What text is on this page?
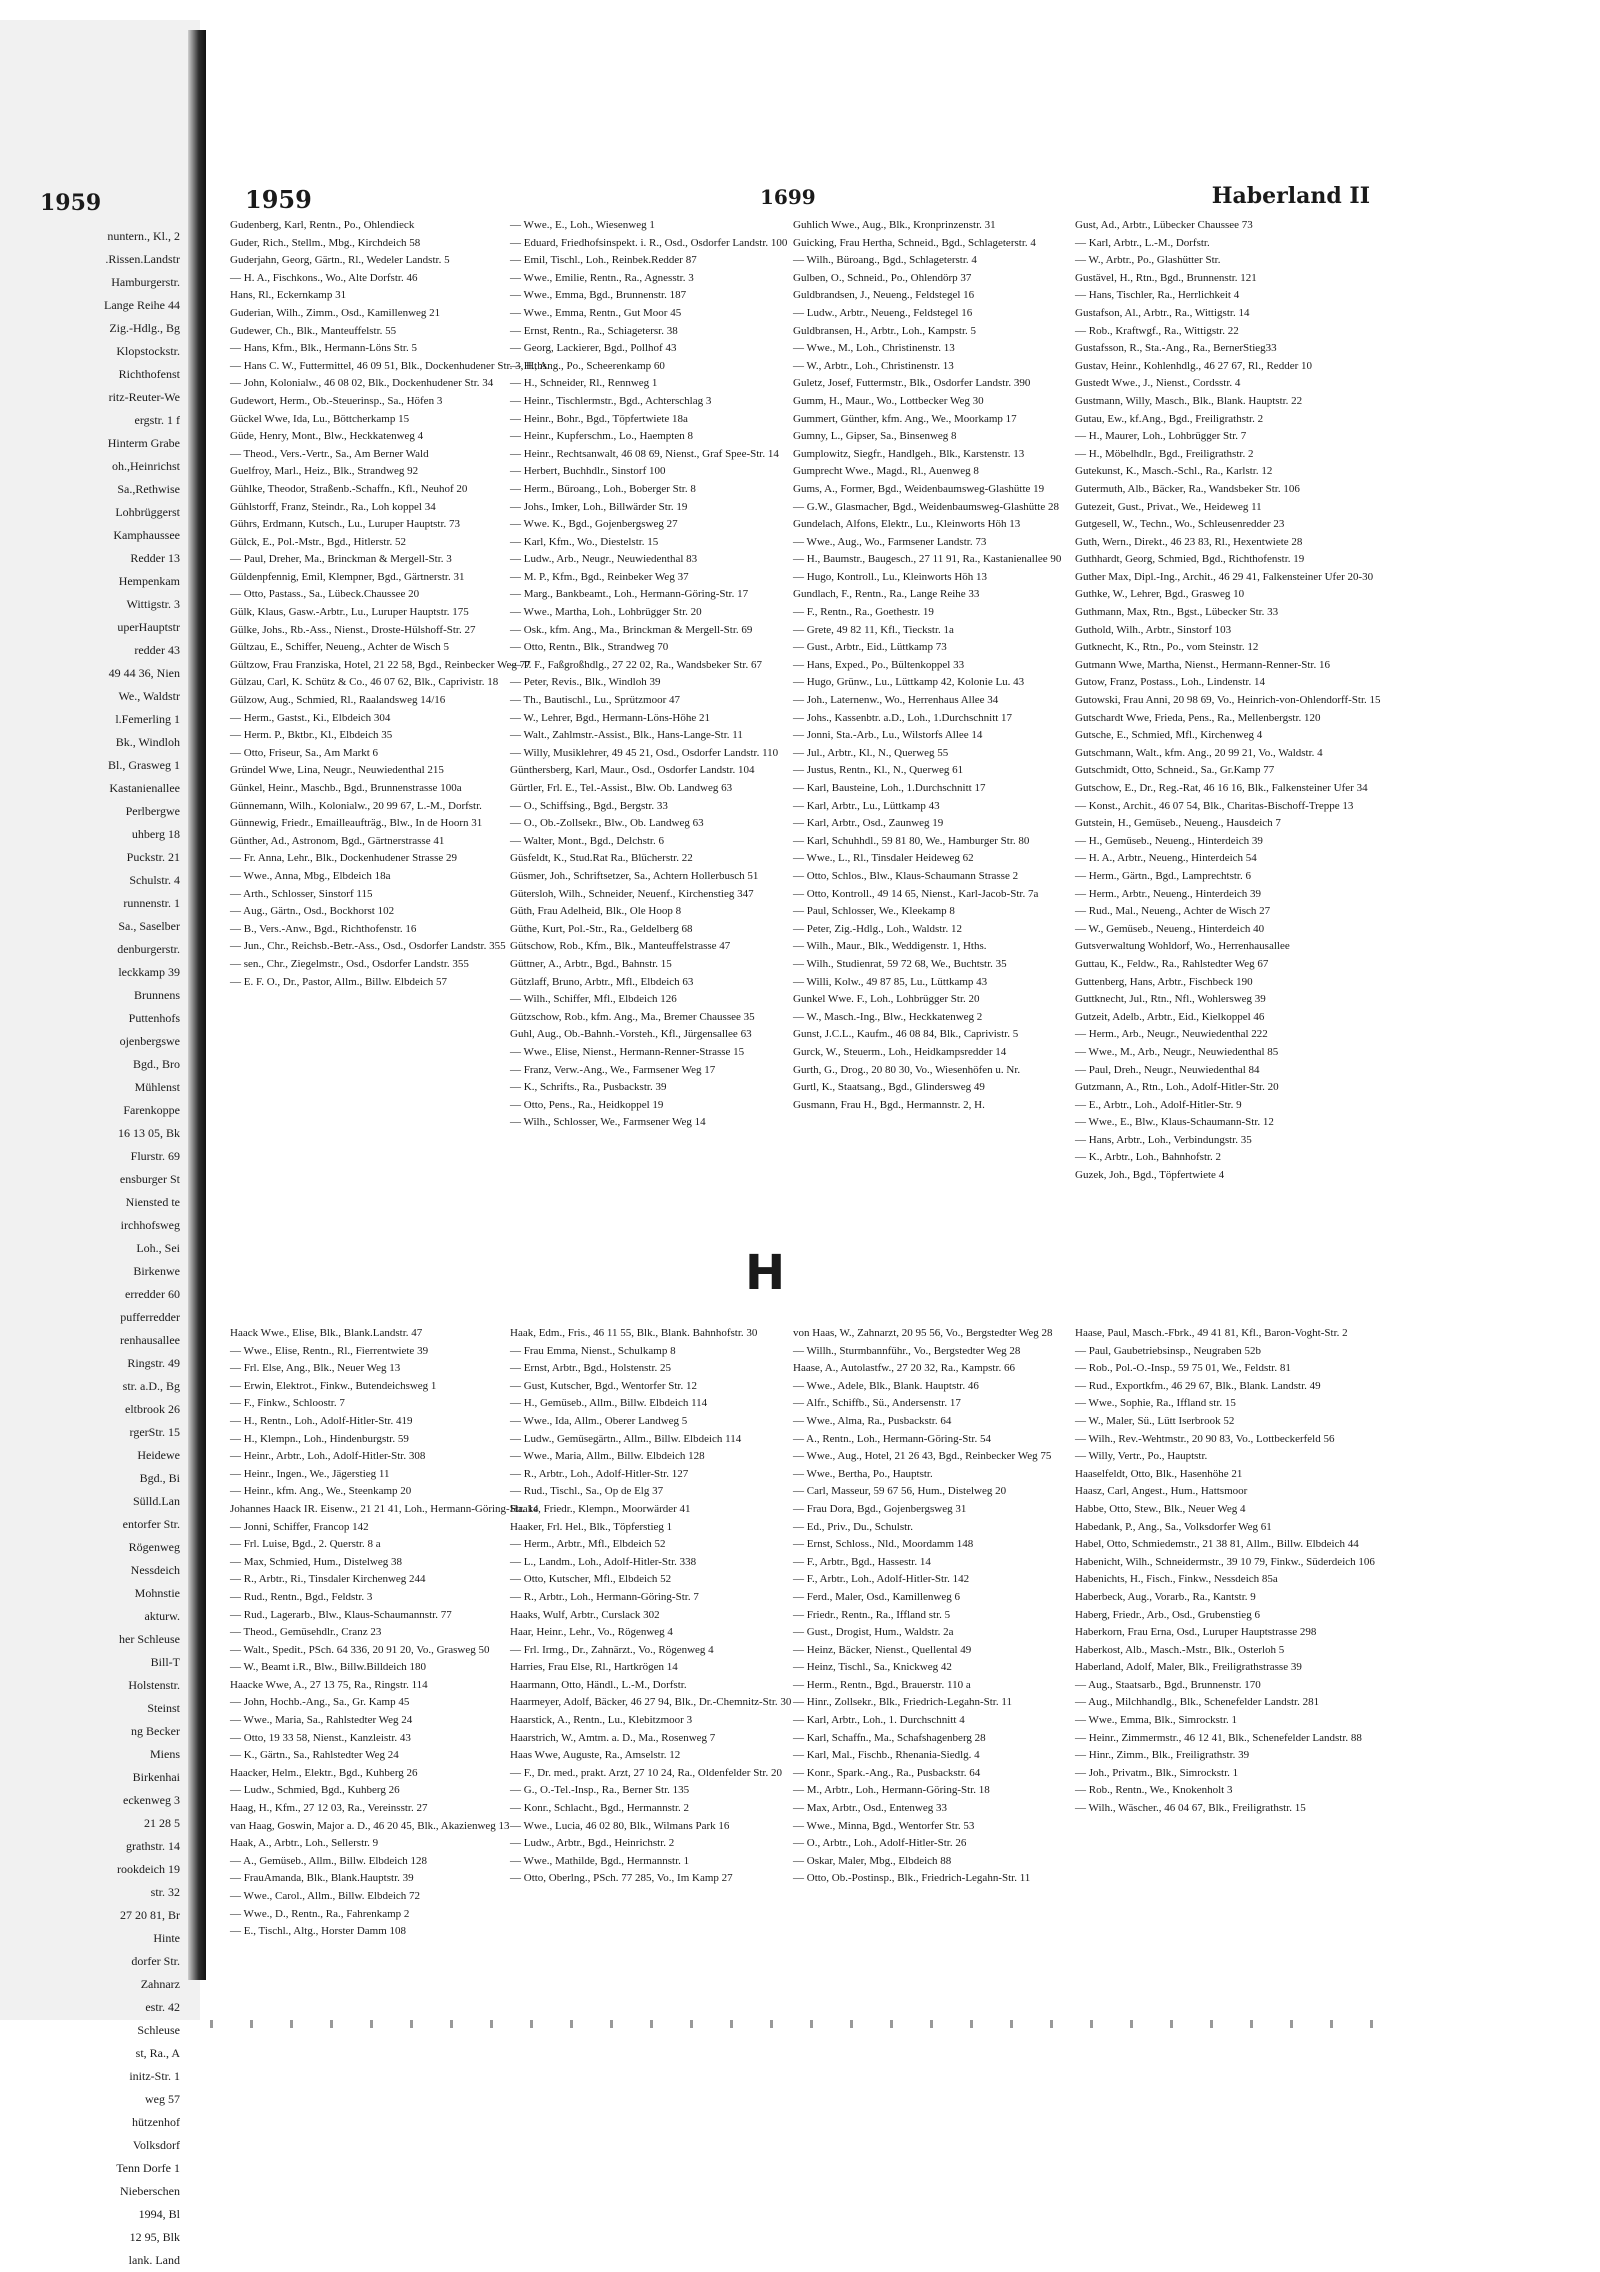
1959
nuntern., Kl., 2
.Rissen.Landstr
Hamburgerstr.
Lange Reihe 44
Zig.-Hdlg., Bg
Klopstockstr.
Richthofenst
ritz-Reuter-We
ergstr. 1 f
Hinterm Grabe
oh.,Heinrichst
Sa.,Rethwise
Lohbrüggerst
Kamphaussee
Redder 13
Hempenkam
Wittigstr. 3
uperHauptstr
redder 43
49 44 36, Nien
We., Waldstr
l.Femerling 1
Bk., Windloh
Bl., Grasweg 1
Kastanienallee
Perlbergwe
uhberg 18
Puckstr. 21
Schulstr. 4
runnenstr. 1
Sa., Saselber
denburgerstr.
leckkamp 39
Brunnens
Puttenhofs
ojenbergswe
Bgd., Bro
Mühlenst
Farenkoppe
16 13 05, Bk
Flurstr. 69
ensburger St
Niensted te
irchhofsweg
Loh., Sei
Birkenwe
erredder 60
pufferredder
renhausallee
Ringstr. 49
str. a.D., Bg
eltbrook 26
rgerStr. 15
Heidewe
Bgd., Bi
Sülld.Lan
entorfer Str.
Rögenweg
Nessdeich
Mohnstie
akturw.
her Schleuse
Bill-T
Holstenstr.
Steinst
ng Becker
Miens
Birkenhai
eckenweg 3
21 28 5
grathstr. 14
rookdeich 19
str. 32
27 20 81, Br
Hinte
dorfer Str.
Zahnarz
estr. 42
Schleuse
st, Ra., A
initz-Str. 1
weg 57
hützenhof
Volksdorf
Tenn Dorfe 1
Nieberschen
1994, Bl
12 95, Blk
lank. Land
1959	1699	Haberland II

Gudenberg, Karl, Rentn., Po., Ohlendieck

Guder, Rich., Stellm., Mbg., Kirchdeich 58

Guderjahn, Georg, Gärtn., Rl., Wedeler Landstr. 5

— H. A., Fischkons., Wo., Alte Dorfstr. 46

Hans, Rl., Eckernkamp 31

Guderian, Wilh., Zimm., Osd., Kamillenweg 21

Gudewer, Ch., Blk., Manteuffelstr. 55

— Hans, Kfm., Blk., Hermann-Löns Str. 5

— Hans C. W., Futtermittel, 46 09 51, Blk., Dockenhudener Str. 3, Hths.

— John, Kolonialw., 46 08 02, Blk., Dockenhudener Str. 34

Gudewort, Herm., Ob.-Steuerinsp., Sa., Höfen 3

Gückel Wwe, Ida, Lu., Böttcherkamp 15

Güde, Henry, Mont., Blw., Heckkatenweg 4

— Theod., Vers.-Vertr., Sa., Am Berner Wald

Guelfroy, Marl., Heiz., Blk., Strandweg 92

Gühlke, Theodor, Straßenb.-Schaffn., Kfl., Neuhof 20

Gühlstorff, Franz, Steindr., Ra., Loh koppel 34

Gührs, Erdmann, Kutsch., Lu., Luruper Hauptstr. 73

Gülck, E., Pol.-Mstr., Bgd., Hitlerstr. 52

— Paul, Dreher, Ma., Brinckman & Mergell-Str. 3

Güldenpfennig, Emil, Klempner, Bgd., Gärtnerstr. 31

— Otto, Pastass., Sa., Lübeck.Chaussee 20

Gülk, Klaus, Gasw.-Arbtr., Lu., Luruper Hauptstr. 175

Gülke, Johs., Rb.-Ass., Nienst., Droste-Hülshoff-Str. 27

Gültzau, E., Schiffer, Neueng., Achter de Wisch 5

Gültzow, Frau Franziska, Hotel, 21 22 58, Bgd., Reinbecker Weg 77

Gülzau, Carl, K. Schütz & Co., 46 07 62, Blk., Caprivistr. 18

Gülzow, Aug., Schmied, Rl., Raalandsweg 14/16

— Herm., Gastst., Ki., Elbdeich 304

— Herm. P., Bktbr., Kl., Elbdeich 35

— Otto, Friseur, Sa., Am Markt 6

Gründel Wwe, Lina, Neugr., Neuwiedenthal 215

Günkel, Heinr., Maschb., Bgd., Brunnenstrasse 100a

Günnemann, Wilh., Kolonialw., 20 99 67, L.-M., Dorfstr.

Günnewig, Friedr., Emailleaufträg., Blw., In de Hoorn 31

Günther, Ad., Astronom, Bgd., Gärtnerstrasse 41

— Fr. Anna, Lehr., Blk., Dockenhudener Strasse 29

— Wwe., Anna, Mbg., Elbdeich 18a

— Arth., Schlosser, Sinstorf 115

— Aug., Gärtn., Osd., Bockhorst 102

— B., Vers.-Anw., Bgd., Richthofenstr. 16

— Jun., Chr., Reichsb.-Betr.-Ass., Osd., Osdorfer Landstr. 355

— sen., Chr., Ziegelmstr., Osd., Osdorfer Landstr. 355

— E. F. O., Dr., Pastor, Allm., Billw. Elbdeich 57

— Wwe., E., Loh., Wiesenweg 1

— Eduard, Friedhofsinspekt. i. R., Osd., Osdorfer Landstr. 100

— Emil, Tischl., Loh., Reinbek.Redder 87

— Wwe., Emilie, Rentn., Ra., Agnesstr. 3

— Wwe., Emma, Bgd., Brunnenstr. 187

— Wwe., Emma, Rentn., Gut Moor 45

— Ernst, Rentn., Ra., Schiagetersr. 38

— Georg, Lackierer, Bgd., Pollhof 43

— H., Ang., Po., Scheerenkamp 60

— H., Schneider, Rl., Rennweg 1

— Heinr., Tischlermstr., Bgd., Achterschlag 3

— Heinr., Bohr., Bgd., Töpfertwiete 18a

— Heinr., Kupferschm., Lo., Haempten 8

— Heinr., Rechtsanwalt, 46 08 69, Nienst., Graf Spee-Str. 14

— Herbert, Buchhdlr., Sinstorf 100

— Herm., Büroang., Loh., Boberger Str. 8

— Johs., Imker, Loh., Billwärder Str. 19

— Wwe. K., Bgd., Gojenbergsweg 27

— Karl, Kfm., Wo., Diestelstr. 15

— Ludw., Arb., Neugr., Neuwiedenthal 83

— M. P., Kfm., Bgd., Reinbeker Weg 37

— Marg., Bankbeamt., Loh., Hermann-Göring-Str. 17

— Wwe., Martha, Loh., Lohbrügger Str. 20

— Osk., kfm. Ang., Ma., Brinckman & Mergell-Str. 69

— Otto, Rentn., Blk., Strandweg 70

— P. F., Faßgroßhdlg., 27 22 02, Ra., Wandsbeker Str. 67

— Peter, Revis., Blk., Windloh 39

— Th., Bautischl., Lu., Sprützmoor 47

— W., Lehrer, Bgd., Hermann-Löns-Höhe 21

— Walt., Zahlmstr.-Assist., Blk., Hans-Lange-Str. 11

— Willy, Musiklehrer, 49 45 21, Osd., Osdorfer Landstr. 110

Günthersberg, Karl, Maur., Osd., Osdorfer Landstr. 104

Gürtler, Frl. E., Tel.-Assist., Blw. Ob. Landweg 63

— O., Schiffsing., Bgd., Bergstr. 33

— O., Ob.-Zollsekr., Blw., Ob. Landweg 63

— Walter, Mont., Bgd., Delchstr. 6

Güsfeldt, K., Stud.Rat Ra., Blücherstr. 22

Güsmer, Joh., Schriftsetzer, Sa., Achtern Hollerbusch 51

Gütersloh, Wilh., Schneider, Neuenf., Kirchenstieg 347

Güth, Frau Adelheid, Blk., Ole Hoop 8

Güthe, Kurt, Pol.-Str., Ra., Geldelberg 68

Gütschow, Rob., Kfm., Blk., Manteuffelstrasse 47

Güttner, A., Arbtr., Bgd., Bahnstr. 15

Gützlaff, Bruno, Arbtr., Mfl., Elbdeich 63

— Wilh., Schiffer, Mfl., Elbdeich 126

Gützschow, Rob., kfm. Ang., Ma., Bremer Chaussee 35

Guhl, Aug., Ob.-Bahnh.-Vorsteh., Kfl., Jürgensallee 63

— Wwe., Elise, Nienst., Hermann-Renner-Strasse 15

— Franz, Verw.-Ang., We., Farmsener Weg 17

— K., Schrifts., Ra., Pusbackstr. 39

— Otto, Pens., Ra., Heidkoppel 19

— Wilh., Schlosser, We., Farmsener Weg 14

Guhlich Wwe., Aug., Blk., Kronprinzenstr. 31

Guicking, Frau Hertha, Schneid., Bgd., Schlageterstr. 4

— Wilh., Büroang., Bgd., Schlageterstr. 4

Gulben, O., Schneid., Po., Ohlendörp 37

Guldbrandsen, J., Neueng., Feldstegel 16

— Ludw., Arbtr., Neueng., Feldstegel 16

Guldbransen, H., Arbtr., Loh., Kampstr. 5

— Wwe., M., Loh., Christinenstr. 13

— W., Arbtr., Loh., Christinenstr. 13

Guletz, Josef, Futtermstr., Blk., Osdorfer Landstr. 390

Gumm, H., Maur., Wo., Lottbecker Weg 30

Gummert, Günther, kfm. Ang., We., Moorkamp 17

Gumny, L., Gipser, Sa., Binsenweg 8

Gumplowitz, Siegfr., Handlgeh., Blk., Karstenstr. 13

Gumprecht Wwe., Magd., Rl., Auenweg 8

Gums, A., Former, Bgd., Weidenbaumsweg-Glashütte 19

— G.W., Glasmacher, Bgd., Weidenbaumsweg-Glashütte 28

Gundelach, Alfons, Elektr., Lu., Kleinworts Höh 13

— Wwe., Aug., Wo., Farmsener Landstr. 73

— H., Baumstr., Baugesch., 27 11 91, Ra., Kastanienallee 90

— Hugo, Kontroll., Lu., Kleinworts Höh 13

Gundlach, F., Rentn., Ra., Lange Reihe 33

— F., Rentn., Ra., Goethestr. 19

— Grete, 49 82 11, Kfl., Tieckstr. 1a

— Gust., Arbtr., Eid., Lüttkamp 73

— Hans, Exped., Po., Bültenkoppel 33

— Hugo, Grünw., Lu., Lüttkamp 42, Kolonie Lu. 43

— Joh., Laternenw., Wo., Herrenhaus Allee 34

— Johs., Kassenbtr. a.D., Loh., 1.Durchschnitt 17

— Jonni, Sta.-Arb., Lu., Wilstorfs Allee 14

— Jul., Arbtr., Kl., N., Querweg 55

— Justus, Rentn., Kl., N., Querweg 61

— Karl, Bausteine, Loh., 1.Durchschnitt 17

— Karl, Arbtr., Lu., Lüttkamp 43

— Karl, Arbtr., Osd., Zaunweg 19

— Karl, Schuhhdl., 59 81 80, We., Hamburger Str. 80

— Wwe., L., Rl., Tinsdaler Heideweg 62

— Otto, Schlos., Blw., Klaus-Schaumann Strasse 2

— Otto, Kontroll., 49 14 65, Nienst., Karl-Jacob-Str. 7a

— Paul, Schlosser, We., Kleekamp 8

— Peter, Zig.-Hdlg., Loh., Waldstr. 12

— Wilh., Maur., Blk., Weddigenstr. 1, Hths.

— Wilh., Studienrat, 59 72 68, We., Buchtstr. 35

— Willi, Kolw., 49 87 85, Lu., Lüttkamp 43

Gunkel Wwe. F., Loh., Lohbrügger Str. 20

— W., Masch.-Ing., Blw., Heckkatenweg 2

Gunst, J.C.L., Kaufm., 46 08 84, Blk., Caprivistr. 5

Gurck, W., Steuerm., Loh., Heidkampsredder 14

Gurth, G., Drog., 20 80 30, Vo., Wiesenhöfen u. Nr.

Gurtl, K., Staatsang., Bgd., Glindersweg 49

Gusmann, Frau H., Bgd., Hermannstr. 2, H.

Gust, Ad., Arbtr., Lübecker Chaussee 73

— Karl, Arbtr., L.-M., Dorfstr.

— W., Arbtr., Po., Glashütter Str.

Gustävel, H., Rtn., Bgd., Brunnenstr. 121

— Hans, Tischler, Ra., Herrlichkeit 4

Gustafson, Al., Arbtr., Ra., Wittigstr. 14

— Rob., Kraftwgf., Ra., Wittigstr. 22

Gustafsson, R., Sta.-Ang., Ra., BernerStieg33

Gustav, Heinr., Kohlenhdlg., 46 27 67, Rl., Redder 10

Gustedt Wwe., J., Nienst., Cordsstr. 4

Gustmann, Willy, Masch., Blk., Blank. Hauptstr. 22

Gutau, Ew., kf.Ang., Bgd., Freiligrathstr. 2

— H., Maurer, Loh., Lohbrügger Str. 7

— H., Möbelhdlr., Bgd., Freiligrathstr. 2

Gutekunst, K., Masch.-Schl., Ra., Karlstr. 12

Gutermuth, Alb., Bäcker, Ra., Wandsbeker Str. 106

Gutezeit, Gust., Privat., We., Heideweg 11

Gutgesell, W., Techn., Wo., Schleusenredder 23

Guth, Wern., Direkt., 46 23 83, Rl., Hexentwiete 28

Guthhardt, Georg, Schmied, Bgd., Richthofenstr. 19

Guther Max, Dipl.-Ing., Archit., 46 29 41, Falkensteiner Ufer 20-30

Guthke, W., Lehrer, Bgd., Grasweg 10

Guthmann, Max, Rtn., Bgst., Lübecker Str. 33

Guthold, Wilh., Arbtr., Sinstorf 103

Gutknecht, K., Rtn., Po., vom Steinstr. 12

Gutmann Wwe, Martha, Nienst., Hermann-Renner-Str. 16

Gutow, Franz, Postass., Loh., Lindenstr. 14

Gutowski, Frau Anni, 20 98 69, Vo., Heinrich-von-Ohlendorff-Str. 15

Gutschardt Wwe, Frieda, Pens., Ra., Mellenbergstr. 120

Gutsche, E., Schmied, Mfl., Kirchenweg 4

Gutschmann, Walt., kfm. Ang., 20 99 21, Vo., Waldstr. 4

Gutschmidt, Otto, Schneid., Sa., Gr.Kamp 77

Gutschow, E., Dr., Reg.-Rat, 46 16 16, Blk., Falkensteiner Ufer 34

— Konst., Archit., 46 07 54, Blk., Charitas-Bischoff-Treppe 13

Gutstein, H., Gemüseb., Neueng., Hausdeich 7

— H., Gemüseb., Neueng., Hinterdeich 39

— H. A., Arbtr., Neueng., Hinterdeich 54

— Herm., Gärtn., Bgd., Lamprechtstr. 6

— Herm., Arbtr., Neueng., Hinterdeich 39

— Rud., Mal., Neueng., Achter de Wisch 27

— W., Gemüseb., Neueng., Hinterdeich 40

Gutsverwaltung Wohldorf, Wo., Herrenhausallee

Guttau, K., Feldw., Ra., Rahlstedter Weg 67

Guttenberg, Hans, Arbtr., Fischbeck 190

Guttknecht, Jul., Rtn., Nfl., Wohlersweg 39

Gutzeit, Adelb., Arbtr., Eid., Kielkoppel 46

— Herm., Arb., Neugr., Neuwiedenthal 222

— Wwe., M., Arb., Neugr., Neuwiedenthal 85

— Paul, Dreh., Neugr., Neuwiedenthal 84

Gutzmann, A., Rtn., Loh., Adolf-Hitler-Str. 20

— E., Arbtr., Loh., Adolf-Hitler-Str. 9

— Wwe., E., Blw., Klaus-Schaumann-Str. 12

— Hans, Arbtr., Loh., Verbindungstr. 35

— K., Arbtr., Loh., Bahnhofstr. 2

Guzek, Joh., Bgd., Töpfertwiete 4

H

Haack Wwe., Elise, Blk., Blank.Landstr. 47

— Wwe., Elise, Rentn., Rl., Fierrentwiete 39

— Frl. Else, Ang., Blk., Neuer Weg 13

— Erwin, Elektrot., Finkw., Butendeichsweg 1

— F., Finkw., Schloostr. 7

— H., Rentn., Loh., Adolf-Hitler-Str. 419

— H., Klempn., Loh., Hindenburgstr. 59

— Heinr., Arbtr., Loh., Adolf-Hitler-Str. 308

— Heinr., Ingen., We., Jägerstieg 11

— Heinr., kfm. Ang., We., Steenkamp 20

Johannes Haack IR. Eisenw., 21 21 41, Loh., Hermann-Göring-Str. 14

— Jonni, Schiffer, Francop 142

— Frl. Luise, Bgd., 2. Querstr. 8 a

— Max, Schmied, Hum., Distelweg 38

— R., Arbtr., Ri., Tinsdaler Kirchenweg 244

— Rud., Rentn., Bgd., Feldstr. 3

— Rud., Lagerarb., Blw., Klaus-Schaumannstr. 77

— Theod., Gemüsehdlr., Cranz 23

— Walt., Spedit., PSch. 64 336, 20 91 20, Vo., Grasweg 50

— W., Beamt i.R., Blw., Billw.Billdeich 180

Haacke Wwe, A., 27 13 75, Ra., Ringstr. 114

— John, Hochb.-Ang., Sa., Gr. Kamp 45

— Wwe., Maria, Sa., Rahlstedter Weg 24

— Otto, 19 33 58, Nienst., Kanzleistr. 43

— K., Gärtn., Sa., Rahlstedter Weg 24

Haacker, Helm., Elektr., Bgd., Kuhberg 26

— Ludw., Schmied, Bgd., Kuhberg 26

Haag, H., Kfm., 27 12 03, Ra., Vereinsstr. 27

van Haag, Goswin, Major a. D., 46 20 45, Blk., Akazienweg 13

Haak, A., Arbtr., Loh., Sellerstr. 9

— A., Gemüseb., Allm., Billw. Elbdeich 128

— FrauAmanda, Blk., Blank.Hauptstr. 39

— Wwe., Carol., Allm., Billw. Elbdeich 72

— Wwe., D., Rentn., Ra., Fahrenkamp 2

— E., Tischl., Altg., Horster Damm 108

Haak, Edm., Fris., 46 11 55, Blk., Blank. Bahnhofstr. 30

— Frau Emma, Nienst., Schulkamp 8

— Ernst, Arbtr., Bgd., Holstenstr. 25

— Gust, Kutscher, Bgd., Wentorfer Str. 12

— H., Gemüseb., Allm., Billw. Elbdeich 114

— Wwe., Ida, Allm., Oberer Landweg 5

— Ludw., Gemüsegärtn., Allm., Billw. Elbdeich 114

— Wwe., Maria, Allm., Billw. Elbdeich 128

— R., Arbtr., Loh., Adolf-Hitler-Str. 127

— Rud., Tischl., Sa., Op de Elg 37

Haake, Friedr., Klempn., Moorwärder 41

Haaker, Frl. Hel., Blk., Töpferstieg 1

— Herm., Arbtr., Mfl., Elbdeich 52

— L., Landm., Loh., Adolf-Hitler-Str. 338

— Otto, Kutscher, Mfl., Elbdeich 52

— R., Arbtr., Loh., Hermann-Göring-Str. 7

Haaks, Wulf, Arbtr., Curslack 302

Haar, Heinr., Lehr., Vo., Rögenweg 4

— Frl. Irmg., Dr., Zahnärzt., Vo., Rögenweg 4

Harries, Frau Else, Rl., Hartkrögen 14

Haarmann, Otto, Händl., L.-M., Dorfstr.

Haarmeyer, Adolf, Bäcker, 46 27 94, Blk., Dr.-Chemnitz-Str. 30

Haarstick, A., Rentn., Lu., Klebitzmoor 3

Haarstrich, W., Amtm. a. D., Ma., Rosenweg 7

Haas Wwe, Auguste, Ra., Amselstr. 12

— F., Dr. med., prakt. Arzt, 27 10 24, Ra., Oldenfelder Str. 20

— G., O.-Tel.-Insp., Ra., Berner Str. 135

— Konr., Schlacht., Bgd., Hermannstr. 2

— Wwe., Lucia, 46 02 80, Blk., Wilmans Park 16

— Ludw., Arbtr., Bgd., Heinrichstr. 2

— Wwe., Mathilde, Bgd., Hermannstr. 1

— Otto, Oberlng., PSch. 77 285, Vo., Im Kamp 27

von Haas, W., Zahnarzt, 20 95 56, Vo., Bergstedter Weg 28

— Willh., Sturmbannführ., Vo., Bergstedter Weg 28

Haase, A., Autolastfw., 27 20 32, Ra., Kampstr. 66

— Wwe., Adele, Blk., Blank. Hauptstr. 46

— Alfr., Schiffb., Sü., Andersenstr. 17

— Wwe., Alma, Ra., Pusbackstr. 64

— A., Rentn., Loh., Hermann-Göring-Str. 54

— Wwe., Aug., Hotel, 21 26 43, Bgd., Reinbecker Weg 75

— Wwe., Bertha, Po., Hauptstr.

— Carl, Masseur, 59 67 56, Hum., Distelweg 20

— Frau Dora, Bgd., Gojenbergsweg 31

— Ed., Priv., Du., Schulstr.

— Ernst, Schloss., Nld., Moordamm 148

— F., Arbtr., Bgd., Hassestr. 14

— F., Arbtr., Loh., Adolf-Hitler-Str. 142

— Ferd., Maler, Osd., Kamillenweg 6

— Friedr., Rentn., Ra., Iffland str. 5

— Gust., Drogist, Hum., Waldstr. 2a

— Heinz, Bäcker, Nienst., Quellental 49

— Heinz, Tischl., Sa., Knickweg 42

— Herm., Rentn., Bgd., Brauerstr. 110 a

— Hinr., Zollsekr., Blk., Friedrich-Legahn-Str. 11

— Karl, Arbtr., Loh., 1. Durchschnitt 4

— Karl, Schaffn., Ma., Schafshagenberg 28

— Karl, Mal., Fischb., Rhenania-Siedlg. 4

— Konr., Spark.-Ang., Ra., Pusbackstr. 64

— M., Arbtr., Loh., Hermann-Göring-Str. 18

— Max, Arbtr., Osd., Entenweg 33

— Wwe., Minna, Bgd., Wentorfer Str. 53

— O., Arbtr., Loh., Adolf-Hitler-Str. 26

— Oskar, Maler, Mbg., Elbdeich 88

— Otto, Ob.-Postinsp., Blk., Friedrich-Legahn-Str. 11

Haase, Paul, Masch.-Fbrk., 49 41 81, Kfl., Baron-Voght-Str. 2

— Paul, Gaubetriebsinsp., Neugraben 52b

— Rob., Pol.-O.-Insp., 59 75 01, We., Feldstr. 81

— Rud., Exportkfm., 46 29 67, Blk., Blank. Landstr. 49

— Wwe., Sophie, Ra., Iffland str. 15

— W., Maler, Sü., Lütt Iserbrook 52

— Wilh., Rev.-Wehtmstr., 20 90 83, Vo., Lottbeckerfeld 56

— Willy, Vertr., Po., Hauptstr.

Haaselfeldt, Otto, Blk., Hasenhöhe 21

Haasz, Carl, Angest., Hum., Hattsmoor

Habbe, Otto, Stew., Blk., Neuer Weg 4

Habedank, P., Ang., Sa., Volksdorfer Weg 61

Habel, Otto, Schmiedemstr., 21 38 81, Allm., Billw. Elbdeich 44

Habenicht, Wilh., Schneidermstr., 39 10 79, Finkw., Süderdeich 106

Habenichts, H., Fisch., Finkw., Nessdeich 85a

Haberbeck, Aug., Vorarb., Ra., Kantstr. 9

Haberg, Friedr., Arb., Osd., Grubenstieg 6

Haberkorn, Frau Erna, Osd., Luruper Hauptstrasse 298

Haberkost, Alb., Masch.-Mstr., Blk., Osterloh 5

Haberland, Adolf, Maler, Blk., Freiligrathstrasse 39

— Aug., Staatsarb., Bgd., Brunnenstr. 170

— Aug., Milchhandlg., Blk., Schenefelder Landstr. 281

— Wwe., Emma, Blk., Simrockstr. 1

— Heinr., Zimmermstr., 46 12 41, Blk., Schenefelder Landstr. 88

— Hinr., Zimm., Blk., Freiligrathstr. 39

— Joh., Privatm., Blk., Simrockstr. 1

— Rob., Rentn., We., Knokenholt 3

— Wilh., Wäscher., 46 04 67, Blk., Freiligrathstr. 15
